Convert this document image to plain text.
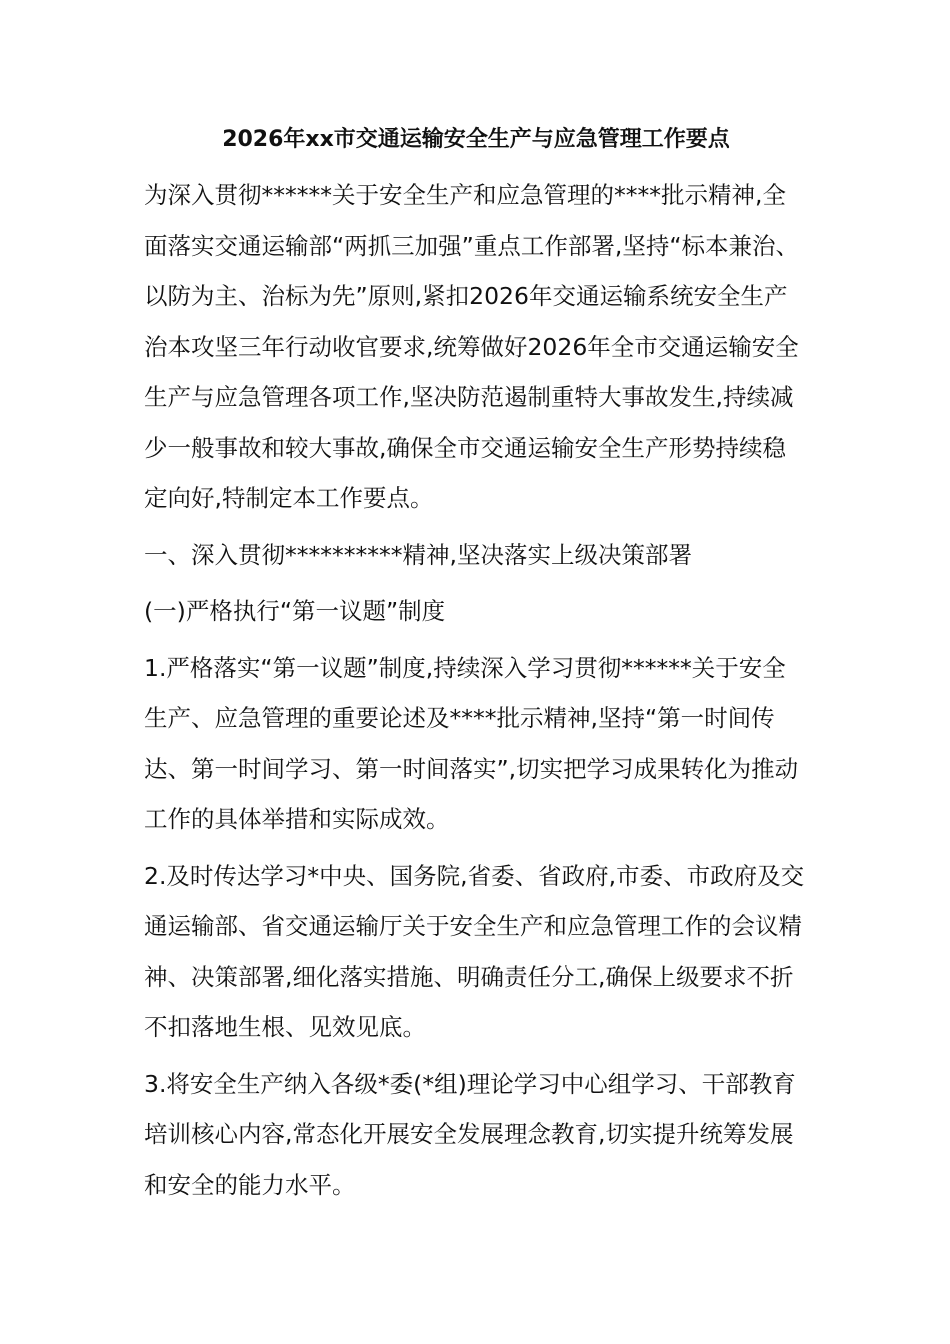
2026年xx市交通运输安全生产与应急管理工作要点

为深入贯彻******关于安全生产和应急管理的****批示精神,全面落实交通运输部“两抓三加强”重点工作部署,坚持“标本兼治、以防为主、治标为先”原则,紧扣2026年交通运输系统安全生产治本攻坚三年行动收官要求,统筹做好2026年全市交通运输安全生产与应急管理各项工作,坚决防范遏制重特大事故发生,持续减少一般事故和较大事故,确保全市交通运输安全生产形势持续稳定向好,特制定本工作要点。

一、深入贯彻**********精神,坚决落实上级决策部署

(一)严格执行“第一议题”制度

1.严格落实“第一议题”制度,持续深入学习贯彻******关于安全生产、应急管理的重要论述及****批示精神,坚持“第一时间传达、第一时间学习、第一时间落实”,切实把学习成果转化为推动工作的具体举措和实际成效。

2.及时传达学习*中央、国务院,省委、省政府,市委、市政府及交通运输部、省交通运输厅关于安全生产和应急管理工作的会议精神、决策部署,细化落实措施、明确责任分工,确保上级要求不折不扣落地生根、见效见底。

3.将安全生产纳入各级*委(*组)理论学习中心组学习、干部教育培训核心内容,常态化开展安全发展理念教育,切实提升统筹发展和安全的能力水平。
